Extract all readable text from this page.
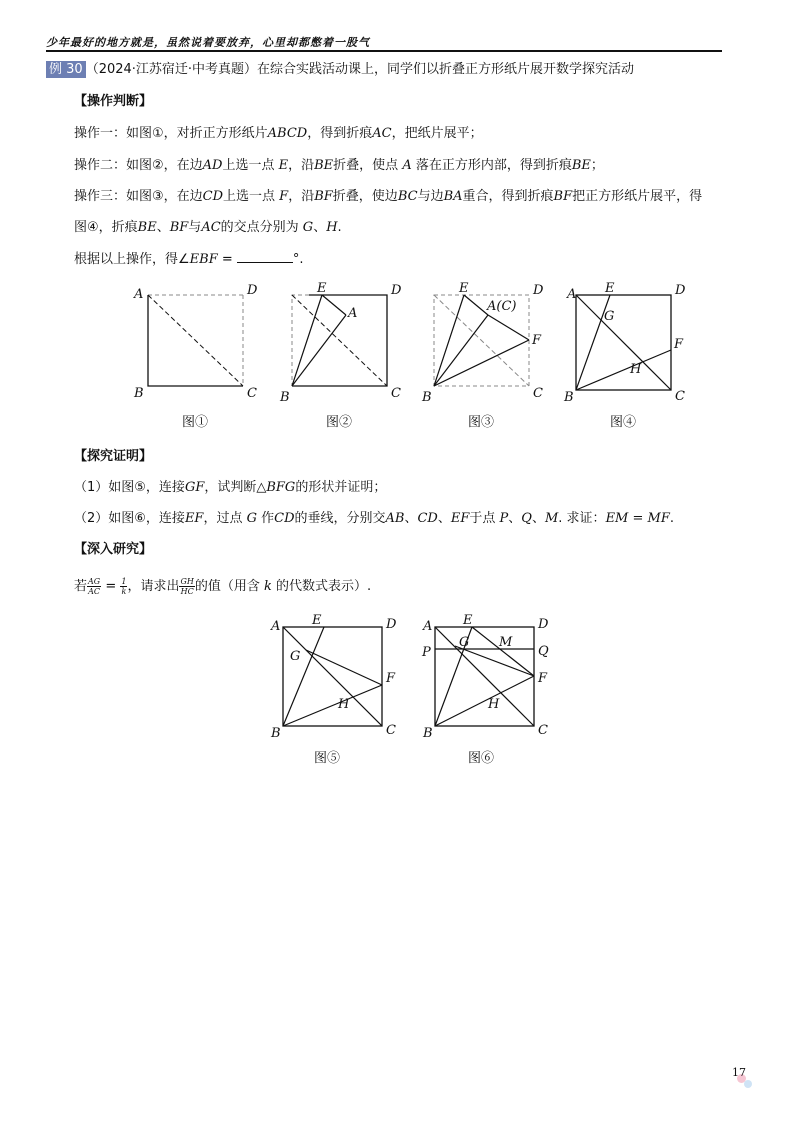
少年最好的地方就是，虽然说着要放弃，心里却都憋着一股气
例 30 （2024·江苏宿迁·中考真题）在综合实践活动课上，同学们以折叠正方形纸片展开数学探究活动
【操作判断】
操作一：如图①，对折正方形纸片ABCD，得到折痕AC，把纸片展平；
操作二：如图②，在边AD上选一点 E，沿BE折叠，使点 A 落在正方形内部，得到折痕BE；
操作三：如图③，在边CD上选一点 F，沿BF折叠，使边BC与边BA重合，得到折痕BF把正方形纸片展平，得
图④，折痕BE、BF与AC的交点分别为 G、H.
根据以上操作，得∠EBF =	°.
A	D
B	C
图①
E	D
A
B	C
图②
E	D
A(C)
F
B	C
图③
A E	D
G
F
H
B	C
图④
【探究证明】
（1）如图⑤，连接GF，试判断△BFG的形状并证明；
（2）如图⑥，连接EF，过点 G 作CD的垂线，分别交AB、CD、EF于点 P、Q、M. 求证：EM = MF.
【深入研究】
若 $\frac{AG}{AC} = \frac{1}{k}$ ，请求出 $\frac{GH}{HC}$ 的值（用含 k 的代数式表示）.
A E	D
G
F
H
B	C
图⑤
A E	D
G M
P	Q
F
H
B	C
图⑥
17
